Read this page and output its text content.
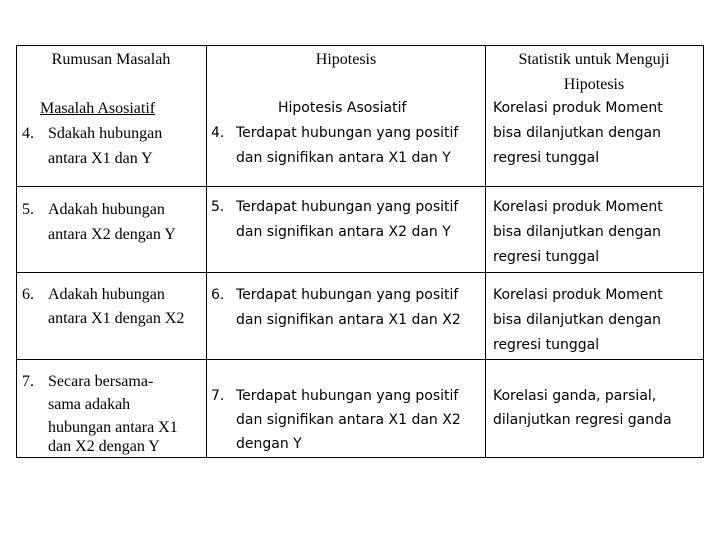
Rumusan Masalah	Hipotesis	Statistik untuk Menguji
Hipotesis
Masalah Asosiatif
4. Sdakah hubungan
antara X1 dan Y
Hipotesis Asosiatif
4. Terdapat hubungan yang positif
dan signifikan antara X1 dan Y
Korelasi produk Moment
bisa dilanjutkan dengan
regresi tunggal
5. Adakah hubungan
antara X2 dengan Y
5. Terdapat hubungan yang positif
dan signifikan antara X2 dan Y
Korelasi produk Moment
bisa dilanjutkan dengan
regresi tunggal
6. Adakah hubungan
antara X1 dengan X2
6. Terdapat hubungan yang positif
dan signifikan antara X1 dan X2
Korelasi produk Moment
bisa dilanjutkan dengan
regresi tunggal
7. Secara bersama-
sama adakah
hubungan antara X1
dan X2 dengan Y
7. Terdapat hubungan yang positif
dan signifikan antara X1 dan X2
dengan Y
Korelasi ganda, parsial,
dilanjutkan regresi ganda
